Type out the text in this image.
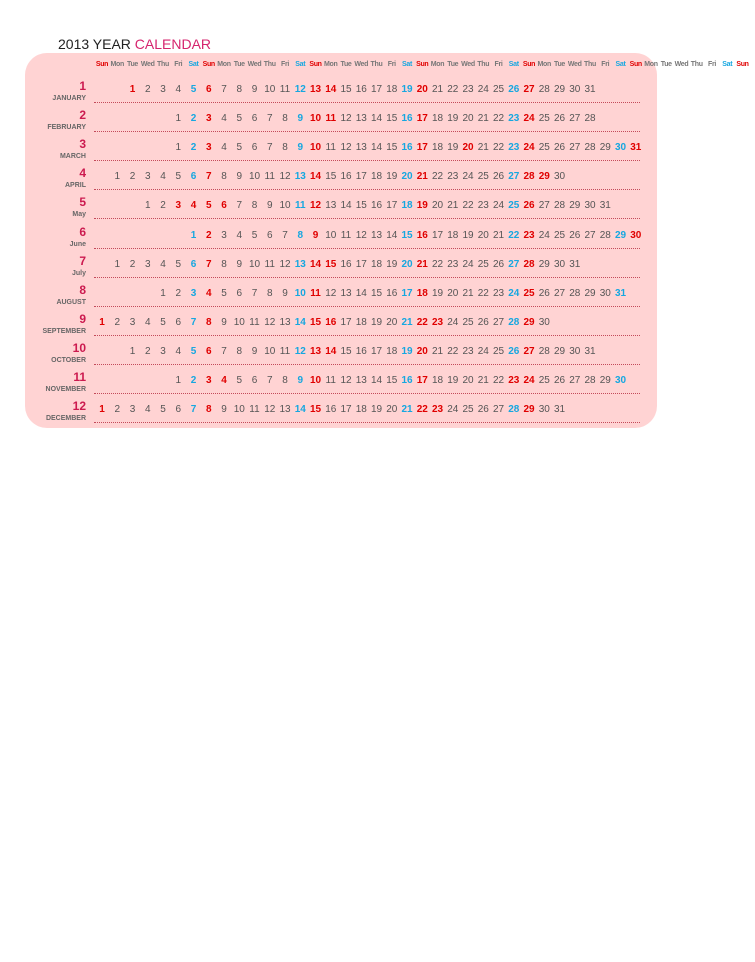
2013 YEAR CALENDAR
Sun Mon Tue Wed Thu Fri Sat Sun Mon Tue Wed Thu Fri Sat Sun Mon Tue Wed Thu Fri Sat Sun Mon Tue Wed Thu Fri Sat Sun Mon Tue Wed Thu Fri Sat Sun Mon Tue Wed Thu Fri Sat Sun
1
JANUARY
1 2 3 4 5 6 7 8 9 10 11 12 13 14 15 16 17 18 19 20 21 22 23 24 25 26 27 28 29 30 31
2
FEBRUARY
1 2 3 4 5 6 7 8 9 10 11 12 13 14 15 16 17 18 19 20 21 22 23 24 25 26 27 28
3
MARCH
1 2 3 4 5 6 7 8 9 10 11 12 13 14 15 16 17 18 19 20 21 22 23 24 25 26 27 28 29 30 31
4
APRIL
1 2 3 4 5 6 7 8 9 10 11 12 13 14 15 16 17 18 19 20 21 22 23 24 25 26 27 28 29 30
5
May
1 2 3 4 5 6 7 8 9 10 11 12 13 14 15 16 17 18 19 20 21 22 23 24 25 26 27 28 29 30 31
6
June
1 2 3 4 5 6 7 8 9 10 11 12 13 14 15 16 17 18 19 20 21 22 23 24 25 26 27 28 29 30
7
July
1 2 3 4 5 6 7 8 9 10 11 12 13 14 15 16 17 18 19 20 21 22 23 24 25 26 27 28 29 30 31
8
AUGUST
1 2 3 4 5 6 7 8 9 10 11 12 13 14 15 16 17 18 19 20 21 22 23 24 25 26 27 28 29 30 31
9
SEPTEMBER
1 2 3 4 5 6 7 8 9 10 11 12 13 14 15 16 17 18 19 20 21 22 23 24 25 26 27 28 29 30
10
OCTOBER
1 2 3 4 5 6 7 8 9 10 11 12 13 14 15 16 17 18 19 20 21 22 23 24 25 26 27 28 29 30 31
11
NOVEMBER
1 2 3 4 5 6 7 8 9 10 11 12 13 14 15 16 17 18 19 20 21 22 23 24 25 26 27 28 29 30
12
DECEMBER
1 2 3 4 5 6 7 8 9 10 11 12 13 14 15 16 17 18 19 20 21 22 23 24 25 26 27 28 29 30 31
